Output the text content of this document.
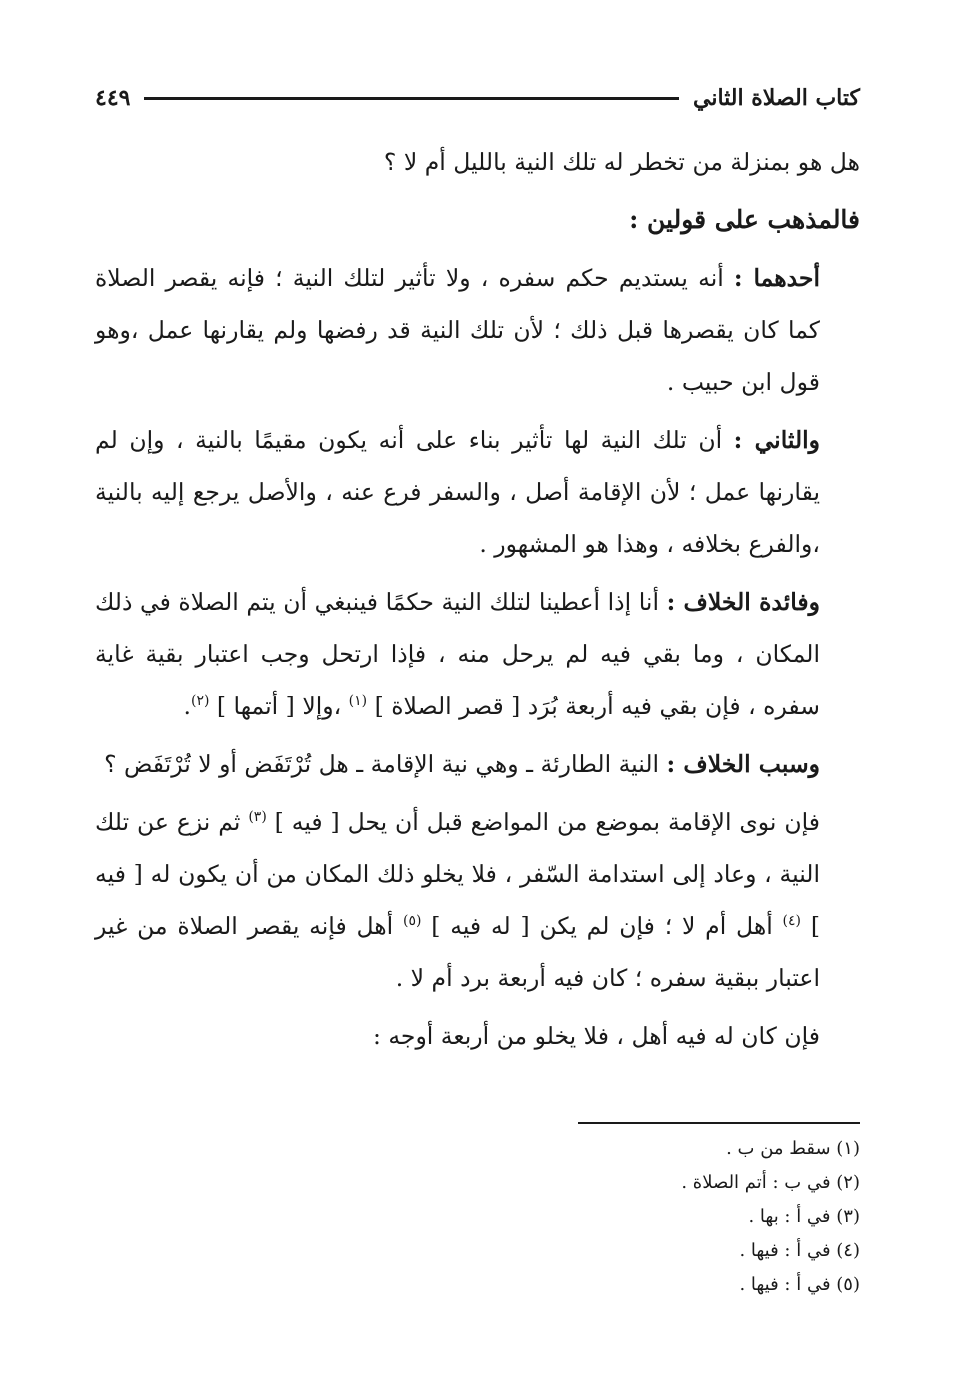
كتاب الصلاة الثاني
٤٤٩

هل هو بمنزلة من تخطر له تلك النية بالليل أم لا ؟

فالمذهب على قولين :

أحدهما : أنه يستديم حكم سفره ، ولا تأثير لتلك النية ؛ فإنه يقصر الصلاة كما كان يقصرها قبل ذلك ؛ لأن تلك النية قد رفضها ولم يقارنها عمل ،وهو قول ابن حبيب .

والثاني : أن تلك النية لها تأثير بناء على أنه يكون مقيمًا بالنية ، وإن لم يقارنها عمل ؛ لأن الإقامة أصل ، والسفر فرع عنه ، والأصل يرجع إليه بالنية ،والفرع بخلافه ، وهذا هو المشهور .

وفائدة الخلاف : أنا إذا أعطينا لتلك النية حكمًا فينبغي أن يتم الصلاة في ذلك المكان ، وما بقي فيه لم يرحل منه ، فإذا ارتحل وجب اعتبار بقية غاية سفره ، فإن بقي فيه أربعة بُرَد [ قصر الصلاة ] $^{(١)}$ ،وإلا [ أتمها ] $^{(٢)}$.

وسبب الخلاف : النية الطارئة ـ وهي نية الإقامة ـ هل تُرْتَفَض أو لا تُرْتَفَض ؟

فإن نوى الإقامة بموضع من المواضع قبل أن يحل [ فيه ] $^{(٣)}$ ثم نزع عن تلك النية ، وعاد إلى استدامة السّفر ، فلا يخلو ذلك المكان من أن يكون له [ فيه ] $^{(٤)}$ أهل أم لا ؛ فإن لم يكن [ له فيه ] $^{(٥)}$ أهل فإنه يقصر الصلاة من غير اعتبار ببقية سفره ؛ كان فيه أربعة برد أم لا .

فإن كان له فيه أهل ، فلا يخلو من أربعة أوجه :

(١) سقط من ب .
(٢) في ب : أتم الصلاة .
(٣) في أ : بها .
(٤) في أ : فيها .
(٥) في أ : فيها .
